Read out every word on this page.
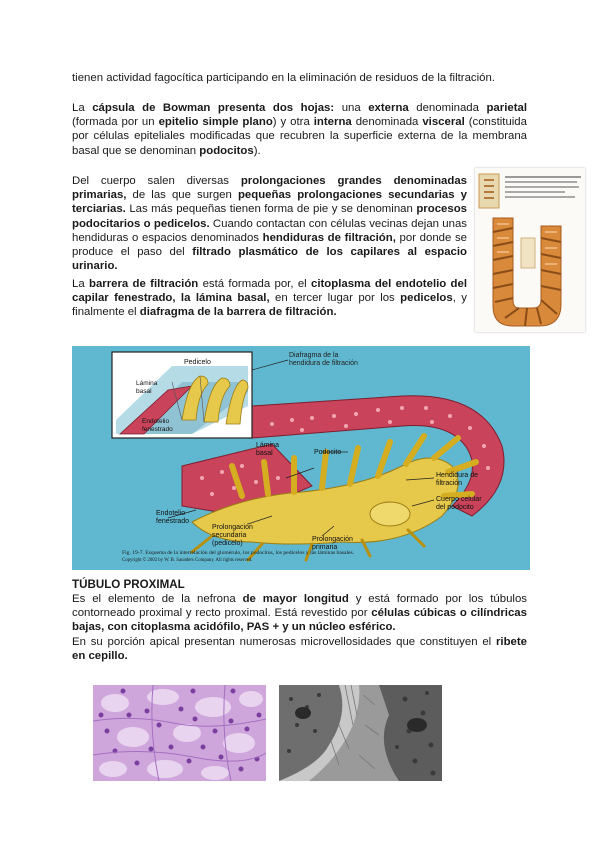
tienen actividad fagocítica participando en la eliminación de residuos de la filtración.

La cápsula de Bowman presenta dos hojas: una externa denominada parietal (formada por un epitelio simple plano) y otra interna denominada visceral (constituida por células epiteliales modificadas que recubren la superficie externa de la membrana basal que se denominan podocitos).

Del cuerpo salen diversas prolongaciones grandes denominadas primarias, de las que surgen pequeñas prolongaciones secundarias y terciarias. Las más pequeñas tienen forma de pie y se denominan procesos podocitarios o pedicelos. Cuando contactan con células vecinas dejan unas hendiduras o espacios denominados hendiduras de filtración, por donde se produce el paso del filtrado plasmático de los capilares al espacio urinario.

La barrera de filtración está formada por, el citoplasma del endotelio del capilar fenestrado, la lámina basal, en tercer lugar por los pedicelos, y finalmente el diafragma de la barrera de filtración.

Diafragma de la hendidura de filtración
Pedicelo
Lámina basal
Endotelio fenestrado
Lámina basal	Podocito
Hendidura de filtración
Cuerpo celular del podocito
Endotelio fenestrado
Prolongación secundaria (pedicelo)
Prolongación primaria
Fig. 19-7. Esquema de la interrelación del glomérulo, los podocitos, los pedicelos y las láminas basales.
Copyright © 2002 by W. B. Saunders Company. All rights reserved.

TÚBULO PROXIMAL

Es el elemento de la nefrona de mayor longitud y está formado por los túbulos contorneado proximal y recto proximal. Está revestido por células cúbicas o cilíndricas bajas, con citoplasma acidófilo, PAS + y un núcleo esférico.

En su porción apical presentan numerosas microvellosidades que constituyen el ribete en cepillo.
